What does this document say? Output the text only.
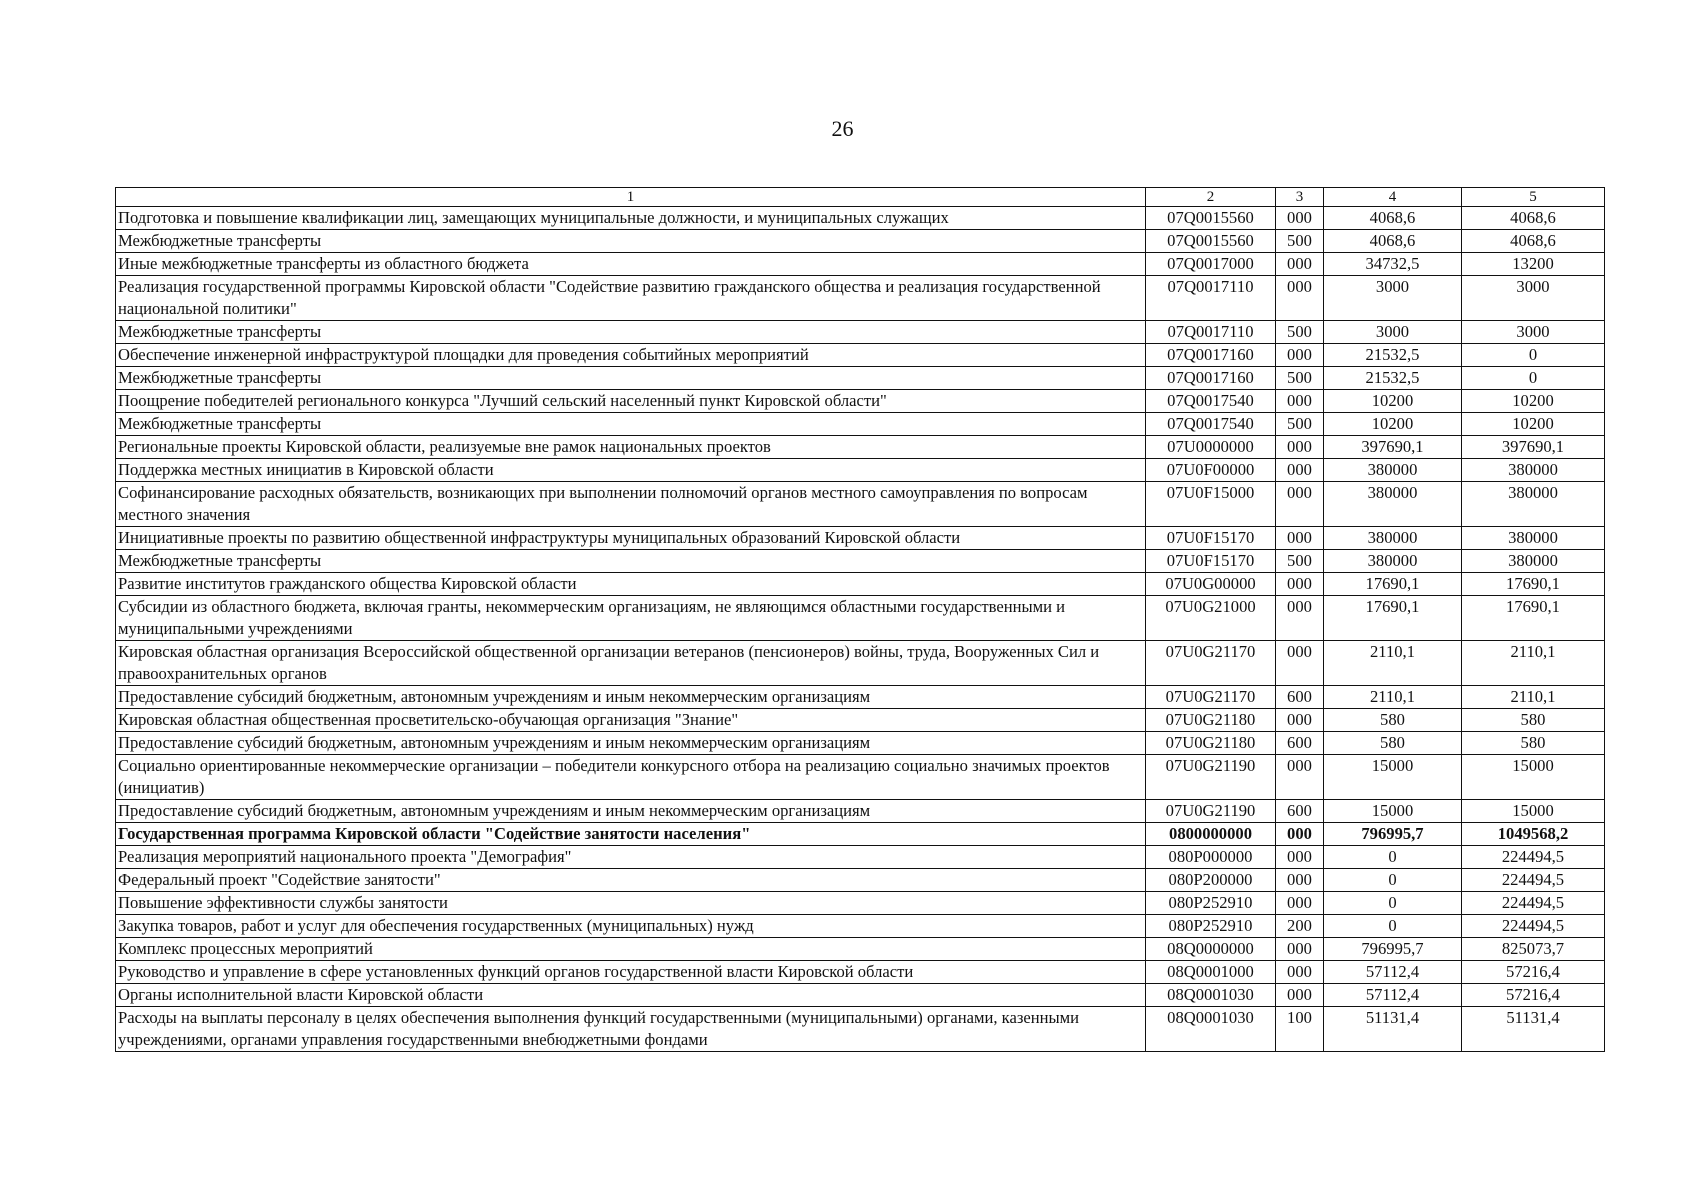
26
1	2	3	4	5
Подготовка и повышение квалификации лиц, замещающих муниципальные должности, и муниципальных служащих	07Q0015560	000	4068,6	4068,6
Межбюджетные трансферты	07Q0015560	500	4068,6	4068,6
Иные межбюджетные трансферты из областного бюджета	07Q0017000	000	34732,5	13200
Реализация государственной программы Кировской области "Содействие развитию гражданского общества и реализация государственной национальной политики"	07Q0017110	000	3000	3000
Межбюджетные трансферты	07Q0017110	500	3000	3000
Обеспечение инженерной инфраструктурой площадки для проведения событийных мероприятий	07Q0017160	000	21532,5	0
Межбюджетные трансферты	07Q0017160	500	21532,5	0
Поощрение победителей регионального конкурса "Лучший сельский населенный пункт Кировской области"	07Q0017540	000	10200	10200
Межбюджетные трансферты	07Q0017540	500	10200	10200
Региональные проекты Кировской области, реализуемые вне рамок национальных проектов	07U0000000	000	397690,1	397690,1
Поддержка местных инициатив в Кировской области	07U0F00000	000	380000	380000
Софинансирование расходных обязательств, возникающих при выполнении полномочий органов местного самоуправления по вопросам местного значения	07U0F15000	000	380000	380000
Инициативные проекты по развитию общественной инфраструктуры муниципальных образований Кировской области	07U0F15170	000	380000	380000
Межбюджетные трансферты	07U0F15170	500	380000	380000
Развитие институтов гражданского общества Кировской области	07U0G00000	000	17690,1	17690,1
Субсидии из областного бюджета, включая гранты, некоммерческим организациям, не являющимся областными государственными и муниципальными учреждениями	07U0G21000	000	17690,1	17690,1
Кировская областная организация Всероссийской общественной организации ветеранов (пенсионеров) войны, труда, Вооруженных Сил и правоохранительных органов	07U0G21170	000	2110,1	2110,1
Предоставление субсидий бюджетным, автономным учреждениям и иным некоммерческим организациям	07U0G21170	600	2110,1	2110,1
Кировская областная общественная просветительско-обучающая организация "Знание"	07U0G21180	000	580	580
Предоставление субсидий бюджетным, автономным учреждениям и иным некоммерческим организациям	07U0G21180	600	580	580
Социально ориентированные некоммерческие организации – победители конкурсного отбора на реализацию социально значимых проектов (инициатив)	07U0G21190	000	15000	15000
Предоставление субсидий бюджетным, автономным учреждениям и иным некоммерческим организациям	07U0G21190	600	15000	15000
Государственная программа Кировской области "Содействие занятости населения"	0800000000	000	796995,7	1049568,2
Реализация мероприятий национального проекта "Демография"	080P000000	000	0	224494,5
Федеральный проект "Содействие занятости"	080P200000	000	0	224494,5
Повышение эффективности службы занятости	080P252910	000	0	224494,5
Закупка товаров, работ и услуг для обеспечения государственных (муниципальных) нужд	080P252910	200	0	224494,5
Комплекс процессных мероприятий	08Q0000000	000	796995,7	825073,7
Руководство и управление в сфере установленных функций органов государственной власти Кировской области	08Q0001000	000	57112,4	57216,4
Органы исполнительной власти Кировской области	08Q0001030	000	57112,4	57216,4
Расходы на выплаты персоналу в целях обеспечения выполнения функций государственными (муниципальными) органами, казенными учреждениями, органами управления государственными внебюджетными фондами	08Q0001030	100	51131,4	51131,4
